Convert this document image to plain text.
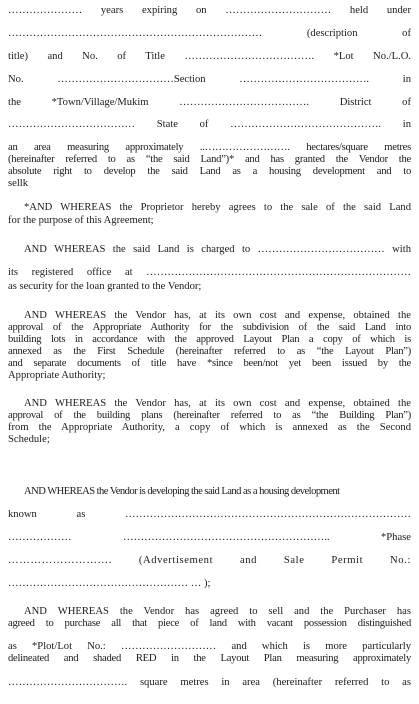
………………… years expiring on ………………………… held under
……………………………………………………………… (description of
title) and No. of Title ………………………………. *Lot No./L.O.
No. ……………………………Section ………………………………. in
the *Town/Village/Mukim ………………………………. District of
……………………………… State of ……………………………………. in
an area measuring approximately ..……………………. hectares/square metres
(hereinafter referred to as “the said Land”)* and has granted the Vendor the
absolute right to develop the said Land as a housing development and to
sellk
*AND WHEREAS the Proprietor hereby agrees to the sale of the said Land
for the purpose of this Agreement;
AND WHEREAS the said Land is charged to ……………………………… with
its registered office at …………………………………………………………………
as security for the loan granted to the Vendor;
AND WHEREAS the Vendor has, at its own cost and expense, obtained the
approval of the Appropriate Authority for the subdivision of the said Land into
building lots in accordance with the approved Layout Plan a copy of which is
annexed as the First Schedule (hereinafter referred to as “the Layout Plan”)
and separate documents of title have *since been/not yet been issued by the
Appropriate Authority;
AND WHEREAS the Vendor has, at its own cost and expense, obtained the
approval of the building plans (hereinafter referred to as “the Building Plan”)
from the Appropriate Authority, a copy of which is annexed as the Second
Schedule;
AND WHEREAS the Vendor is developing the said Land as a housing development
known as ………………………………………………………………………
……………… ………………………………………………….. *Phase
………………………. (Advertisement and Sale Permit No.:
…………………………………………… … );
AND WHEREAS the Vendor has agreed to sell and the Purchaser has
agreed to purchase all that piece of land with vacant possession distinguished
as *Plot/Lot No.: ……………………… and which is more particularly
delineated and shaded RED in the Layout Plan measuring approximately
……………………………. square metres in area (hereinafter referred to as
